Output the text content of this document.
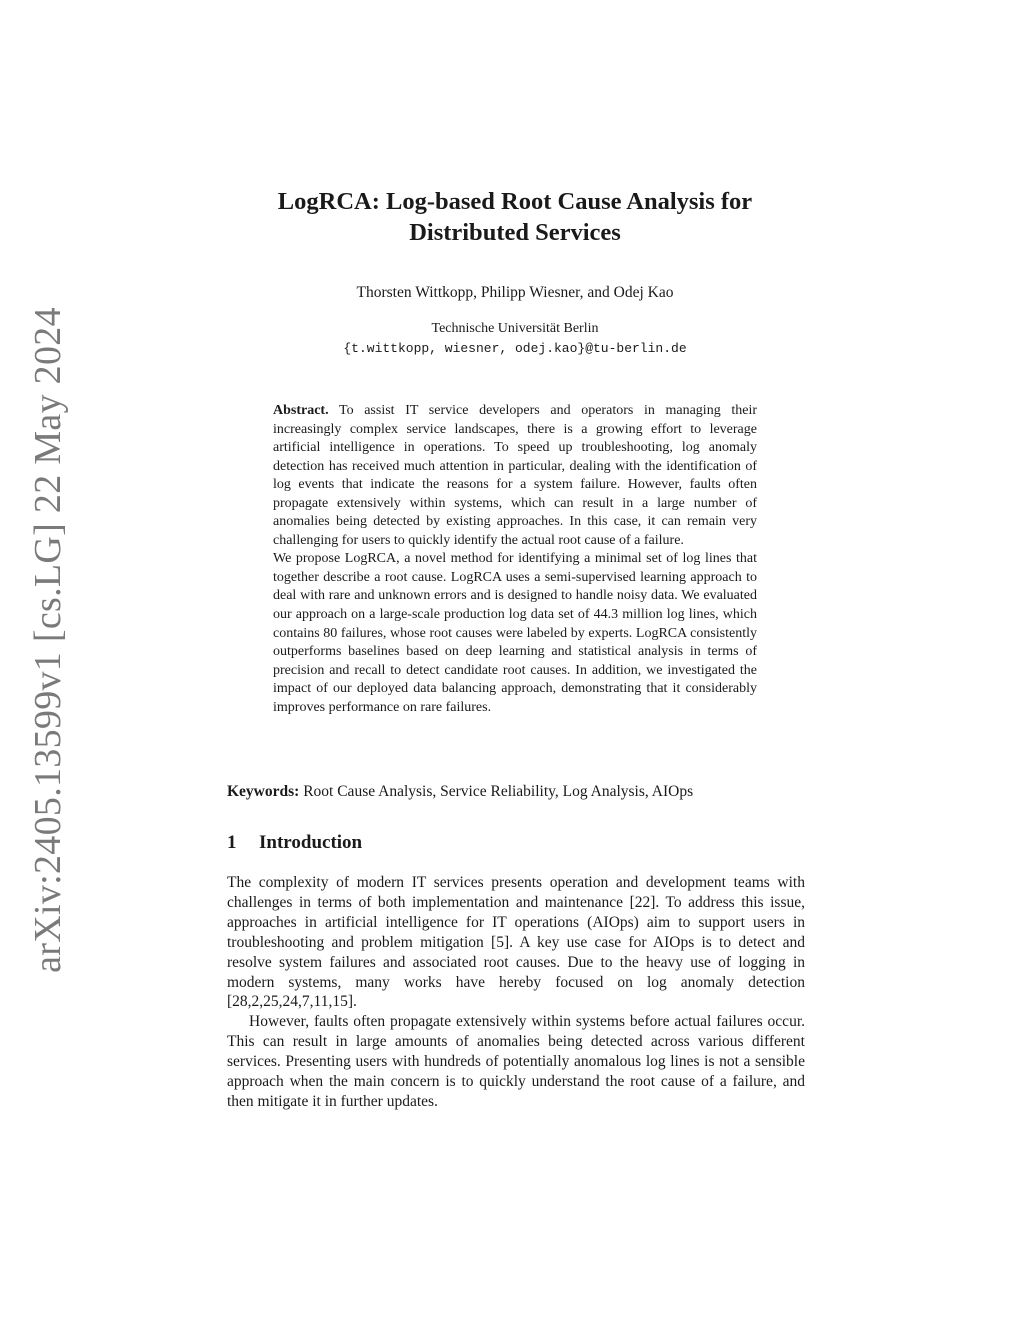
arXiv:2405.13599v1 [cs.LG] 22 May 2024
LogRCA: Log-based Root Cause Analysis for
Distributed Services
Thorsten Wittkopp, Philipp Wiesner, and Odej Kao
Technische Universität Berlin
{t.wittkopp, wiesner, odej.kao}@tu-berlin.de

Abstract. To assist IT service developers and operators in managing their increasingly complex service landscapes, there is a growing effort to leverage artificial intelligence in operations. To speed up troubleshooting, log anomaly detection has received much attention in particular, dealing with the identification of log events that indicate the reasons for a system failure. However, faults often propagate extensively within systems, which can result in a large number of anomalies being detected by existing approaches. In this case, it can remain very challenging for users to quickly identify the actual root cause of a failure.

We propose LogRCA, a novel method for identifying a minimal set of log lines that together describe a root cause. LogRCA uses a semi-supervised learning approach to deal with rare and unknown errors and is designed to handle noisy data. We evaluated our approach on a large-scale production log data set of 44.3 million log lines, which contains 80 failures, whose root causes were labeled by experts. LogRCA consistently outperforms baselines based on deep learning and statistical analysis in terms of precision and recall to detect candidate root causes. In addition, we investigated the impact of our deployed data balancing approach, demonstrating that it considerably improves performance on rare failures.

Keywords: Root Cause Analysis, Service Reliability, Log Analysis, AIOps
1 Introduction

The complexity of modern IT services presents operation and development teams with challenges in terms of both implementation and maintenance [22]. To address this issue, approaches in artificial intelligence for IT operations (AIOps) aim to support users in troubleshooting and problem mitigation [5]. A key use case for AIOps is to detect and resolve system failures and associated root causes. Due to the heavy use of logging in modern systems, many works have hereby focused on log anomaly detection [28,2,25,24,7,11,15].

However, faults often propagate extensively within systems before actual failures occur. This can result in large amounts of anomalies being detected across various different services. Presenting users with hundreds of potentially anomalous log lines is not a sensible approach when the main concern is to quickly understand the root cause of a failure, and then mitigate it in further updates.
